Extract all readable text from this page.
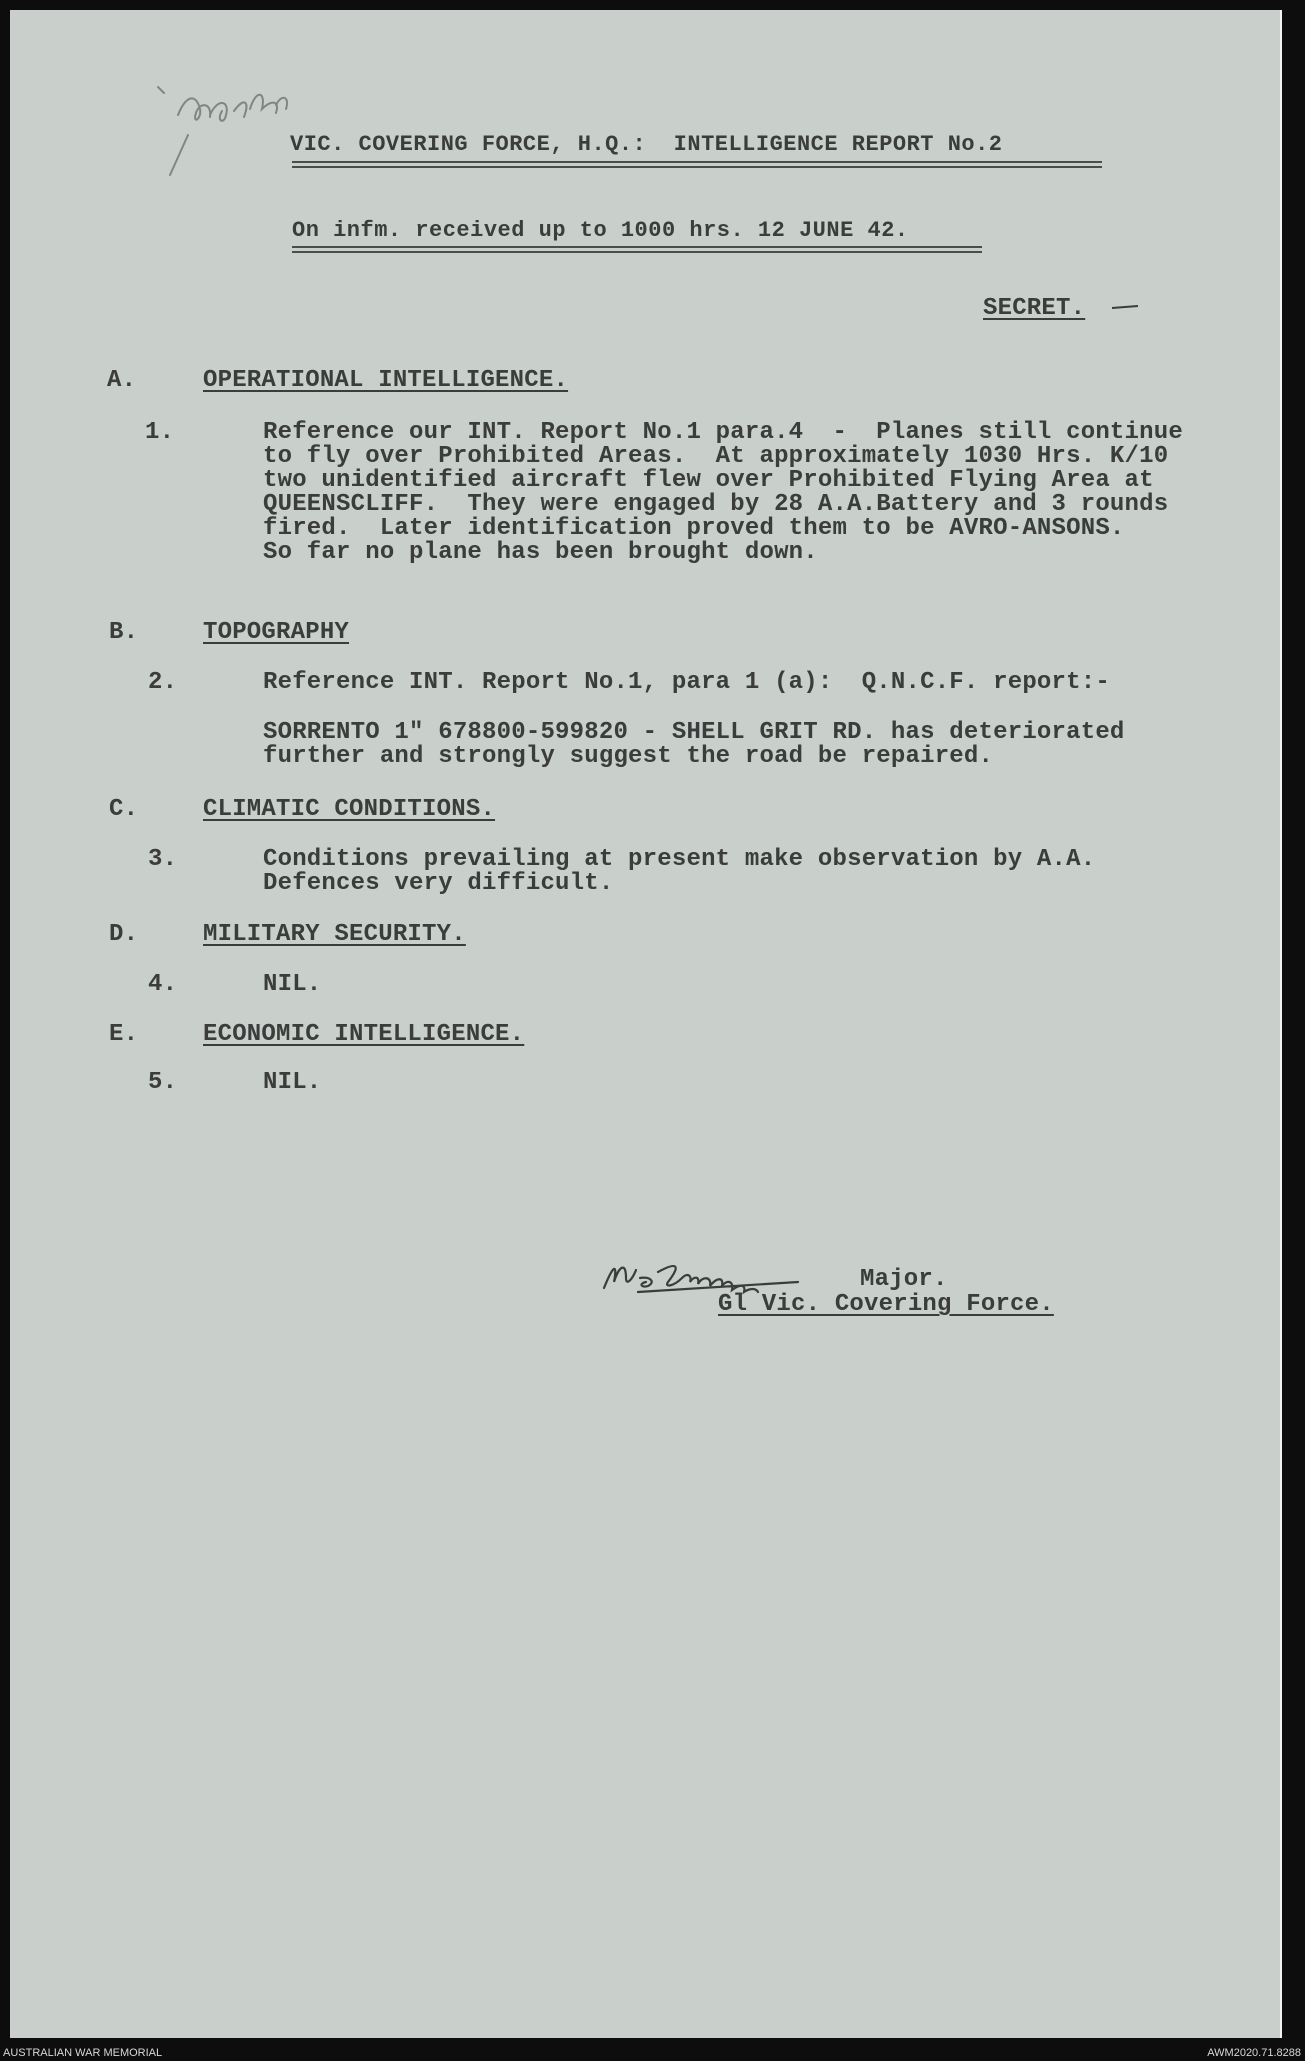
VIC. COVERING FORCE, H.Q.:  INTELLIGENCE REPORT No.2
On infm. received up to 1000 hrs. 12 JUNE 42.
SECRET.
A.	OPERATIONAL INTELLIGENCE.
1.	Reference our INT. Report No.1 para.4  -  Planes still continue
to fly over Prohibited Areas.  At approximately 1030 Hrs. K/10
two unidentified aircraft flew over Prohibited Flying Area at
QUEENSCLIFF.  They were engaged by 28 A.A.Battery and 3 rounds
fired.  Later identification proved them to be AVRO-ANSONS.
So far no plane has been brought down.
B.	TOPOGRAPHY
2.	Reference INT. Report No.1, para 1 (a):  Q.N.C.F. report:-
SORRENTO 1" 678800-599820 - SHELL GRIT RD. has deteriorated
further and strongly suggest the road be repaired.
C.	CLIMATIC CONDITIONS.
3.	Conditions prevailing at present make observation by A.A.
Defences very difficult.
D.	MILITARY SECURITY.
4.	NIL.
E.	ECONOMIC INTELLIGENCE.
5.	NIL.
Major.
Gl Vic. Covering Force.
AUSTRALIAN WAR MEMORIAL	AWM2020.71.8288
